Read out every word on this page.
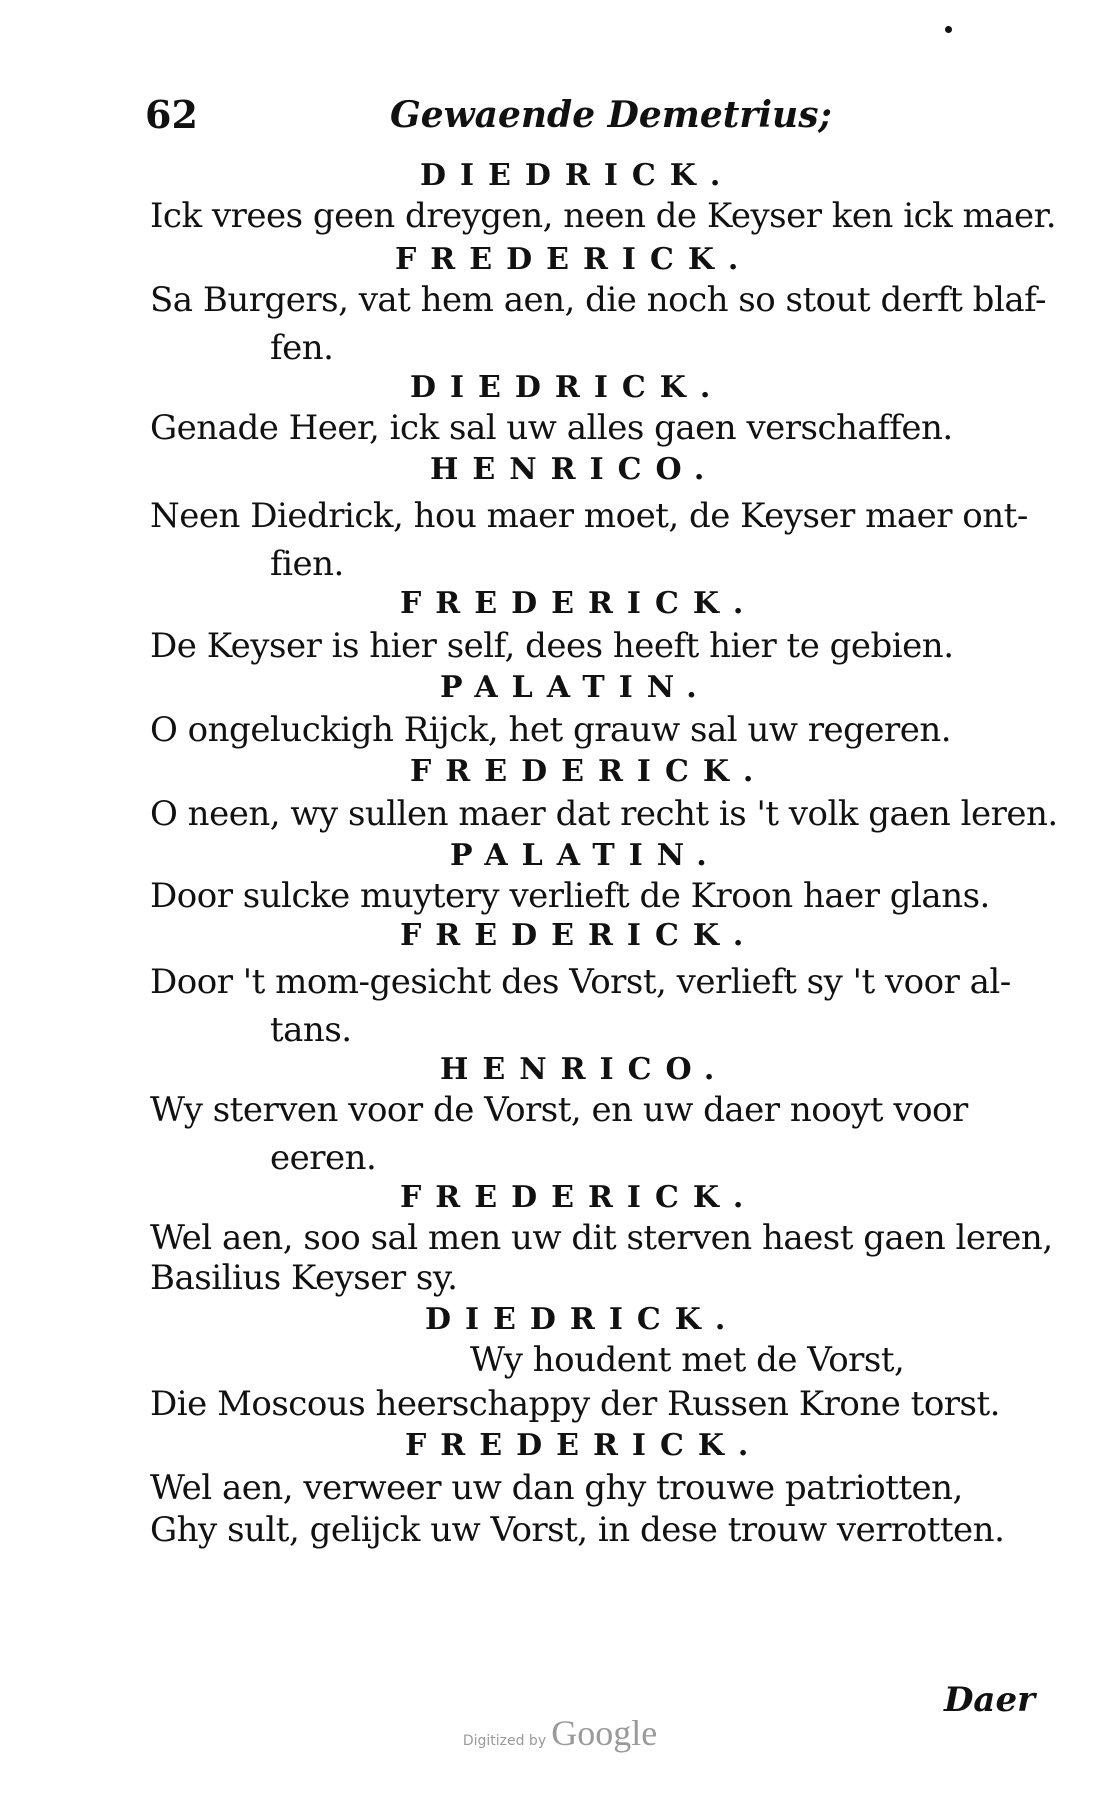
62	Gewaende Demetrius;
DIEDRICK.
Ick vrees geen dreygen, neen de Keyser ken ick maer.
FREDERICK.
Sa Burgers, vat hem aen, die noch so stout derft blaf-
fen.
DIEDRICK.
Genade Heer, ick sal uw alles gaen verschaffen.
HENRICO.
Neen Diedrick, hou maer moet, de Keyser maer ont-
fien.
FREDERICK.
De Keyser is hier self, dees heeft hier te gebien.
PALATIN.
O ongeluckigh Rijck, het grauw sal uw regeren.
FREDERICK.
O neen, wy sullen maer dat recht is 't volk gaen leren.
PALATIN.
Door sulcke muytery verlieft de Kroon haer glans.
FREDERICK.
Door 't mom-gesicht des Vorst, verlieft sy 't voor al-
tans.
HENRICO.
Wy sterven voor de Vorst, en uw daer nooyt voor
eeren.
FREDERICK.
Wel aen, soo sal men uw dit sterven haest gaen leren,
Basilius Keyser sy.
DIEDRICK.
Wy houdent met de Vorst,
Die Moscous heerschappy der Russen Krone torst.
FREDERICK.
Wel aen, verweer uw dan ghy trouwe patriotten,
Ghy sult, gelijck uw Vorst, in dese trouw verrotten.
Daer
Digitized by Google
